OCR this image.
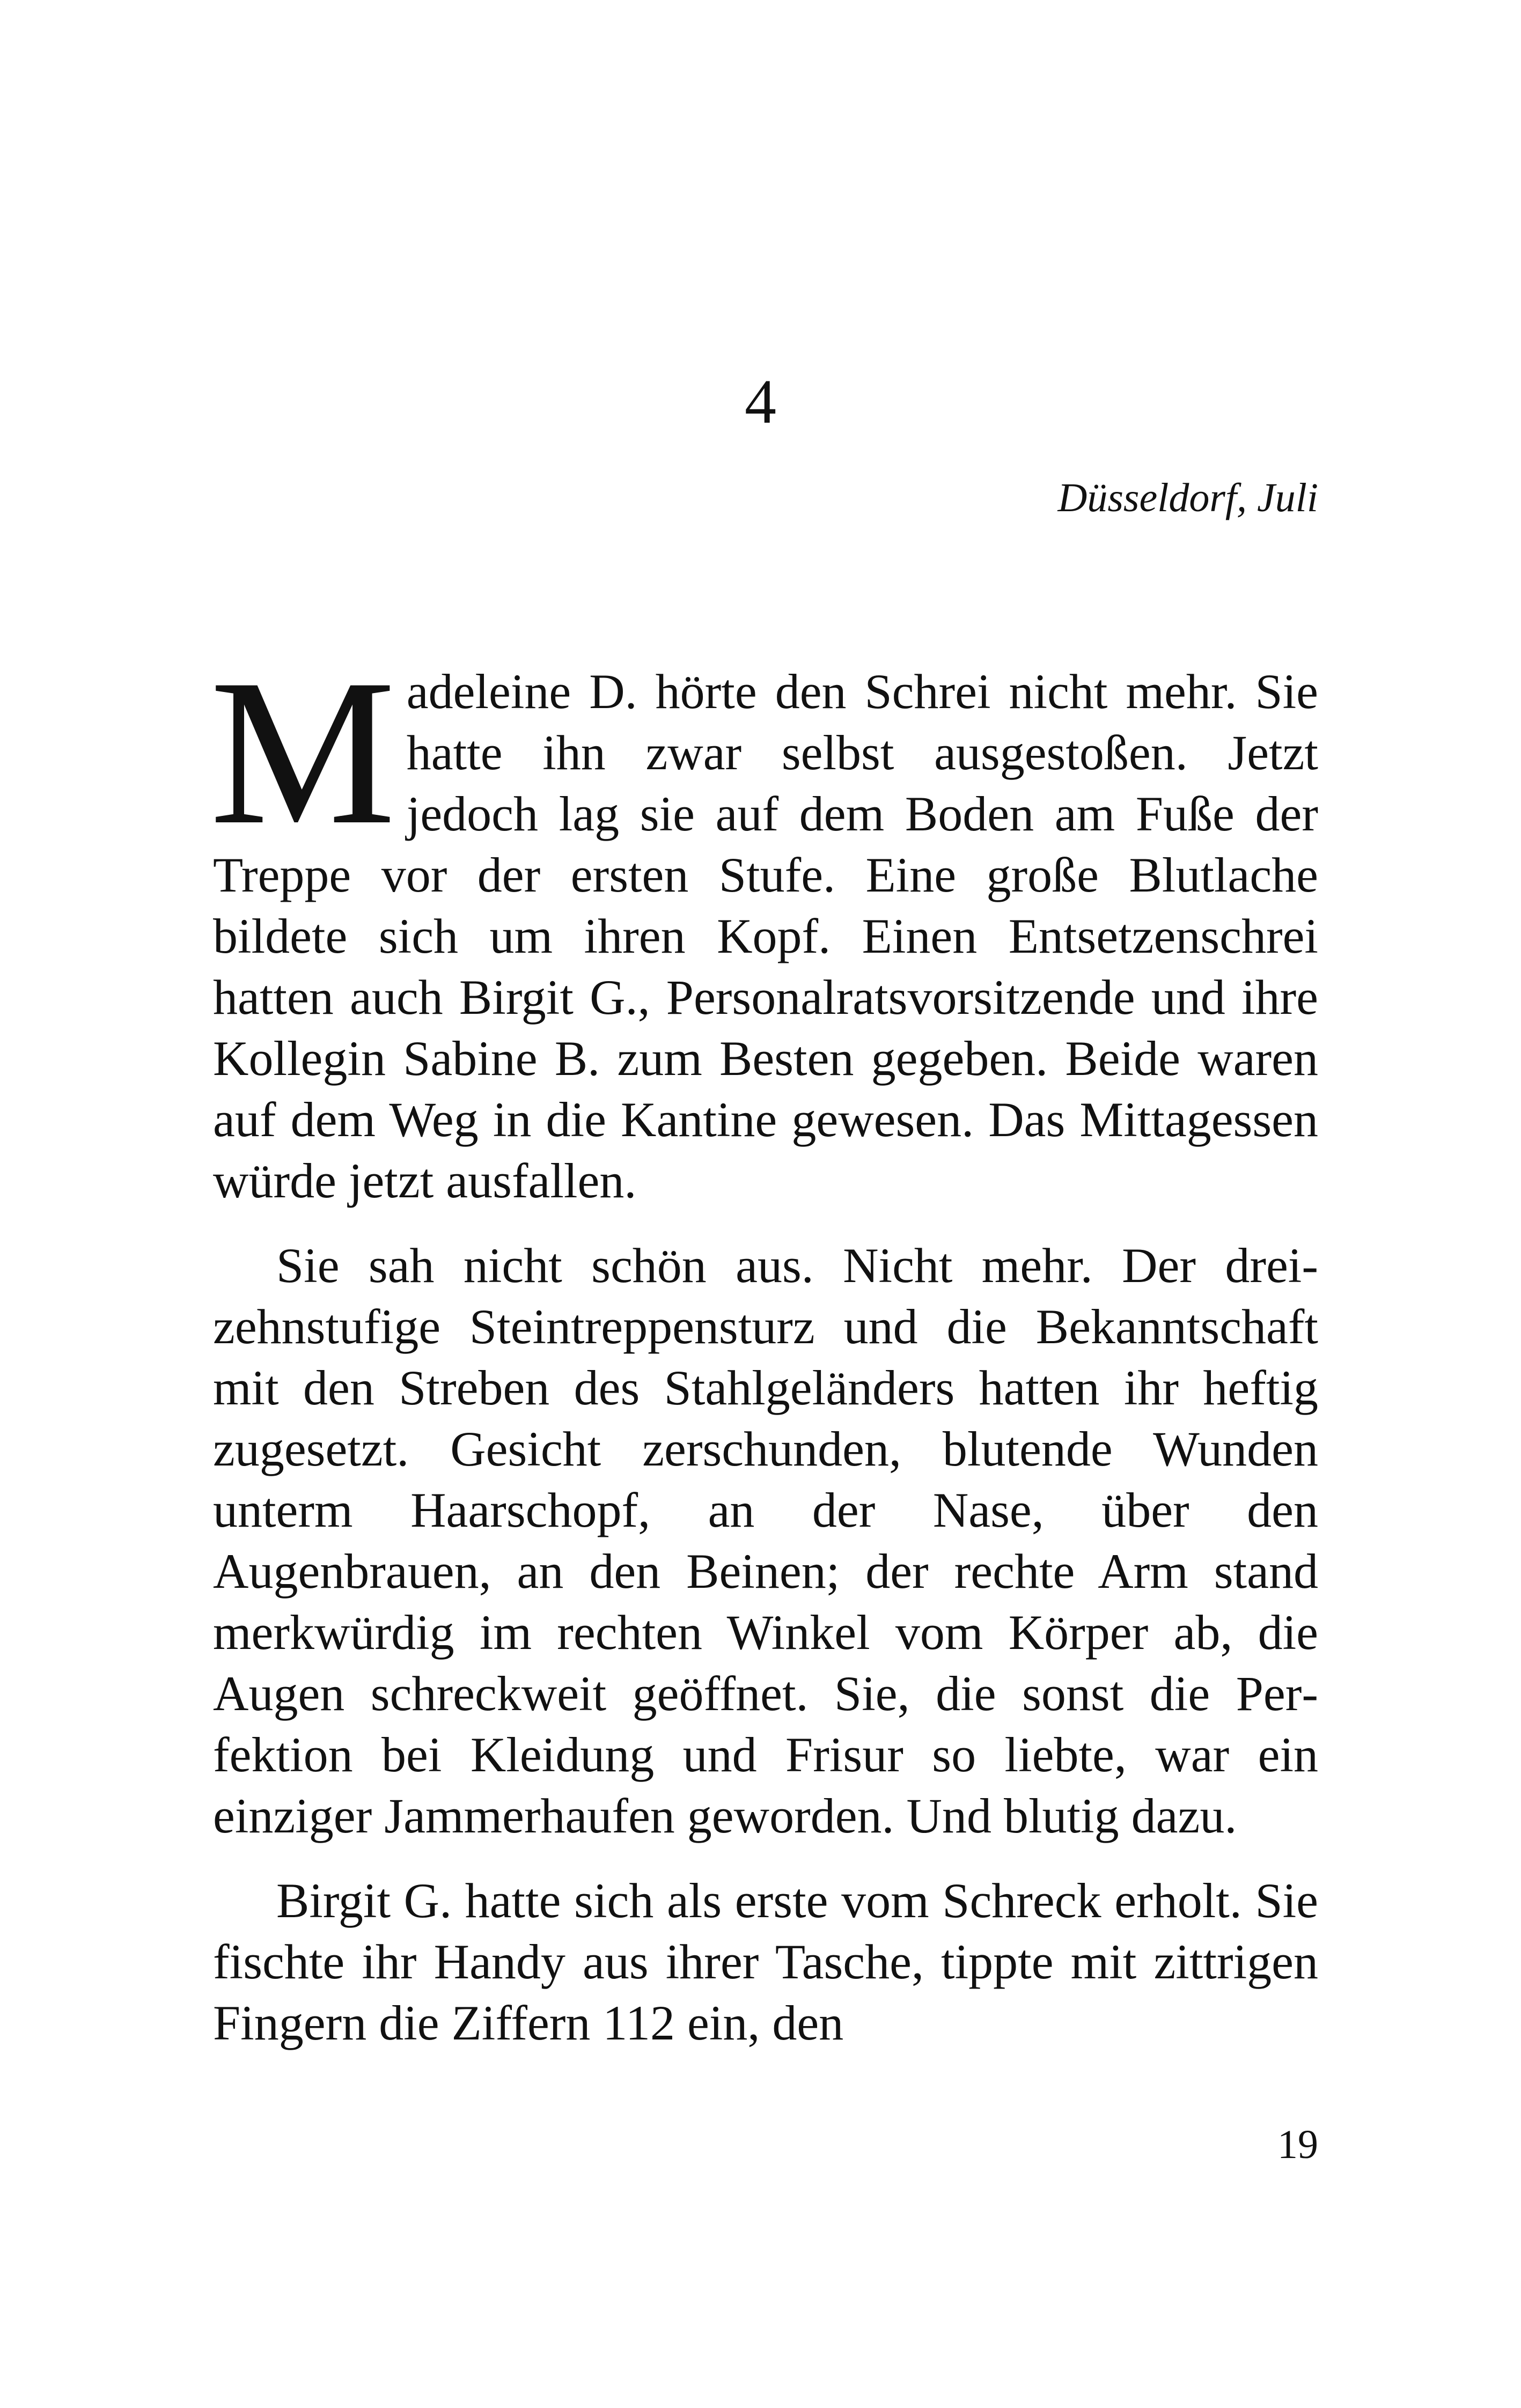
4
Düsseldorf, Juli

Madeleine D. hörte den Schrei nicht mehr. Sie hatte ihn zwar selbst ausgestoßen. Jetzt jedoch lag sie auf dem Boden am Fuße der Treppe vor der ersten Stufe. Eine große Blutlache bildete sich um ihren Kopf. Einen Entsetzenschrei hatten auch Birgit G., Personalratsvorsitzende und ihre Kollegin Sabine B. zum Besten gegeben. Beide waren auf dem Weg in die Kantine gewesen. Das Mittagessen würde jetzt ausfallen.

Sie sah nicht schön aus. Nicht mehr. Der dreizehnstufige Steintreppensturz und die Bekanntschaft mit den Streben des Stahlgeländers hatten ihr heftig zugesetzt. Gesicht zerschunden, blutende Wunden unterm Haarschopf, an der Nase, über den Augenbrauen, an den Beinen; der rechte Arm stand merkwürdig im rechten Winkel vom Körper ab, die Augen schreckweit geöffnet. Sie, die sonst die Perfektion bei Kleidung und Frisur so liebte, war ein einziger Jammerhaufen geworden. Und blutig dazu.

Birgit G. hatte sich als erste vom Schreck erholt. Sie fischte ihr Handy aus ihrer Tasche, tippte mit zittrigen Fingern die Ziffern 112 ein, den

19
